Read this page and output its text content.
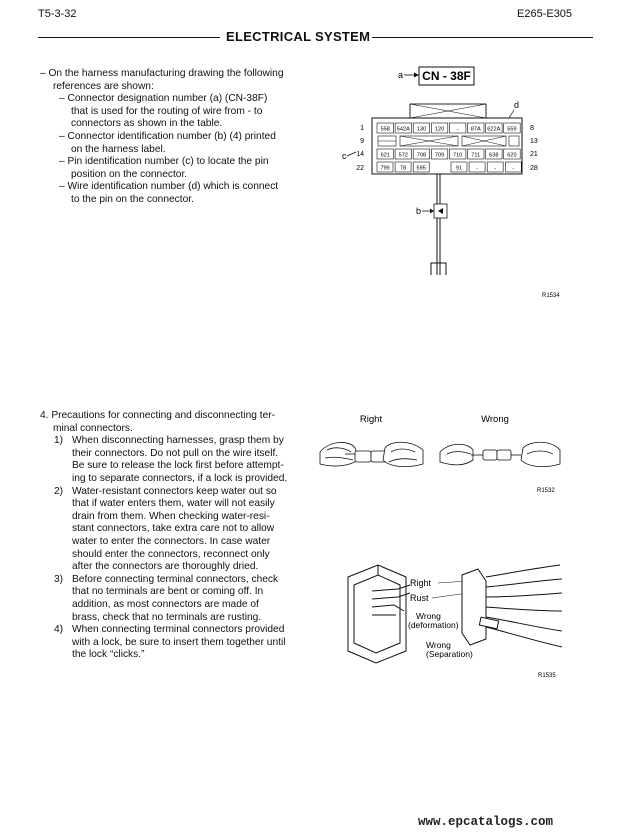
T5-3-32	E265-E305
ELECTRICAL SYSTEM
– On the harness manufacturing drawing the following
references are shown:
– Connector designation number (a) (CN-38F)
that is used for the routing of wire from - to
connectors as shown in the table.
– Connector identification number (b) (4) printed
on the harness label.
– Pin identification number (c) to locate the pin
position on the connector.
– Wire identification number (d) which is connect
to the pin on the connector.
a CN - 38F
d
1	8
558 542A 130 120 - 87A 622A 559
9	13
c 14	21
621 572 708 709 710 711 638 620
22	28
799 78 595	91	-	-	-
b
R1534
4. Precautions for connecting and disconnecting ter-
minal connectors.
1) When disconnecting harnesses, grasp them by
their connectors. Do not pull on the wire itself.
Be sure to release the lock first before attempt-
ing to separate connectors, if a lock is provided.
2) Water-resistant connectors keep water out so
that if water enters them, water will not easily
drain from them. When checking water-resi-
stant connectors, take extra care not to allow
water to enter the connectors. In case water
should enter the connectors, reconnect only
after the connectors are thoroughly dried.
3) Before connecting terminal connectors, check
that no terminals are bent or coming off. In
addition, as most connectors are made of
brass, check that no terminals are rusting.
4) When connecting terminal connectors provided
with a lock, be sure to insert them together until
the lock “clicks.”
Right	Wrong
R1532
Right
Rust
Wrong
(deformation)
Wrong
(Separation)
R1535
www.epcatalogs.com
